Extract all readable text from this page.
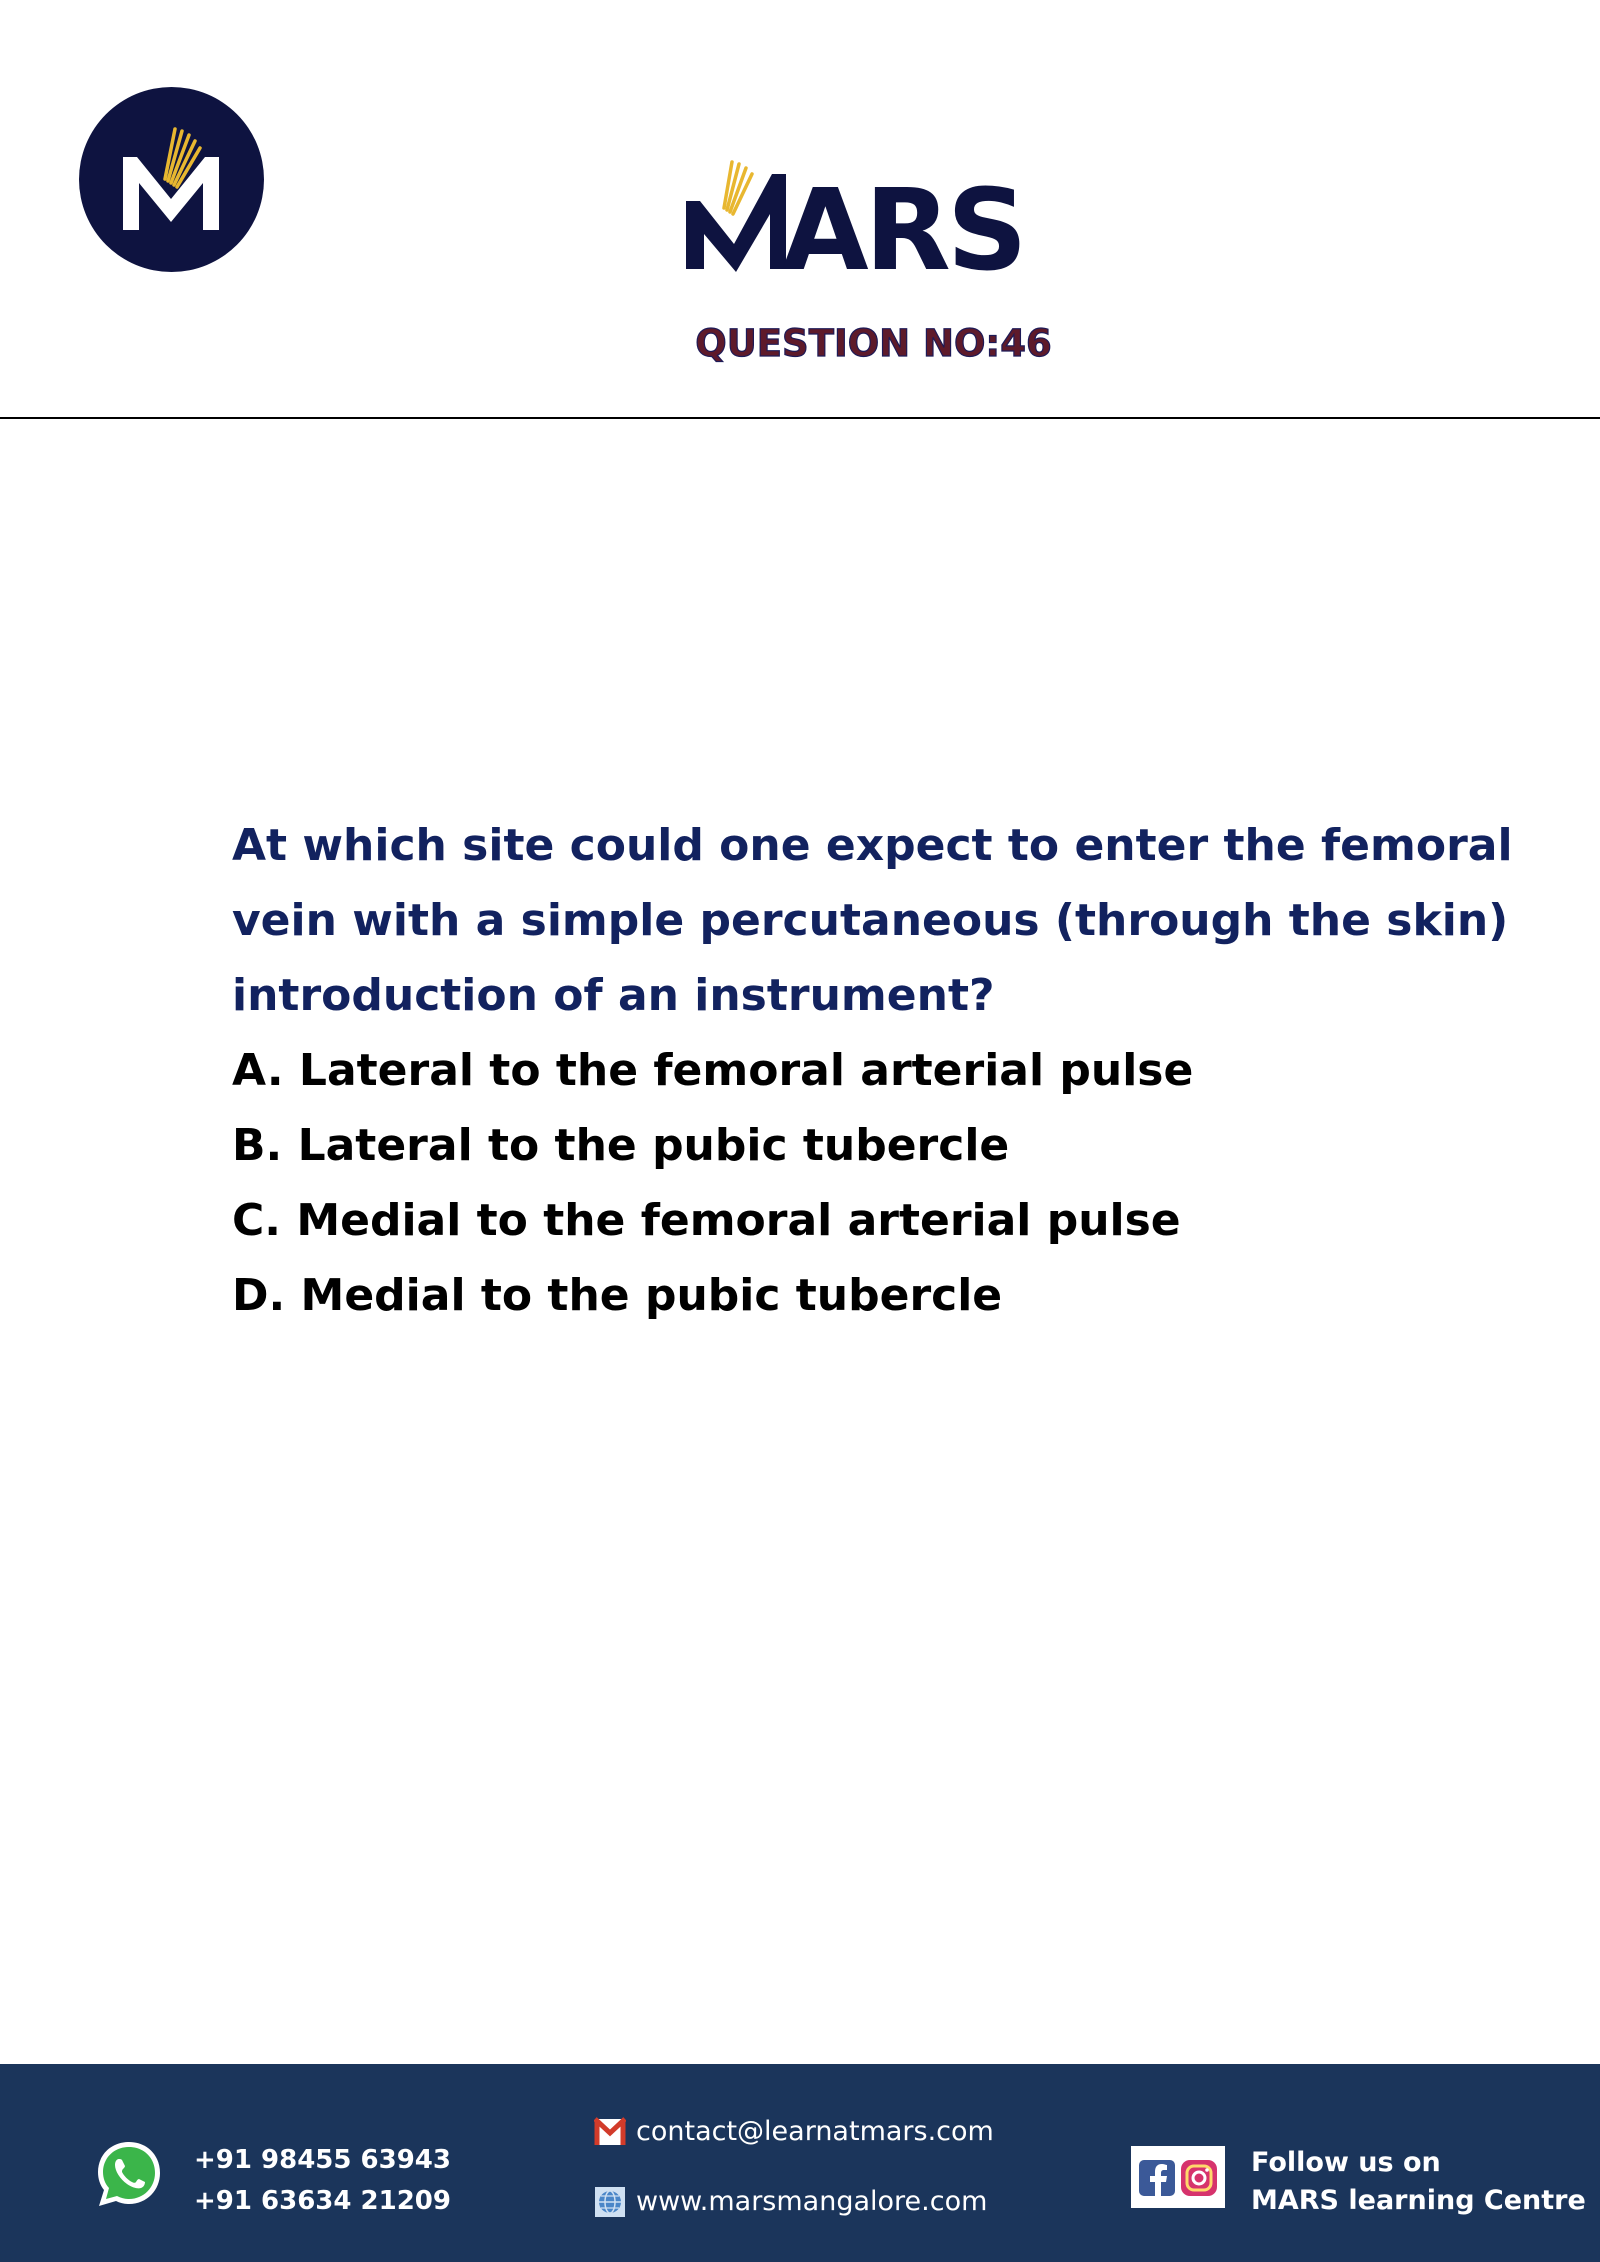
ARS
QUESTION NO:46

At which site could one expect to enter the femoral vein with a simple percutaneous (through the skin) introduction of an instrument?

A. Lateral to the femoral arterial pulse
B. Lateral to the pubic tubercle
C. Medial to the femoral arterial pulse
D. Medial to the pubic tubercle
+91 98455 63943
+91 63634 21209
contact@learnatmars.com
www.marsmangalore.com
Follow us on
MARS learning Centre
